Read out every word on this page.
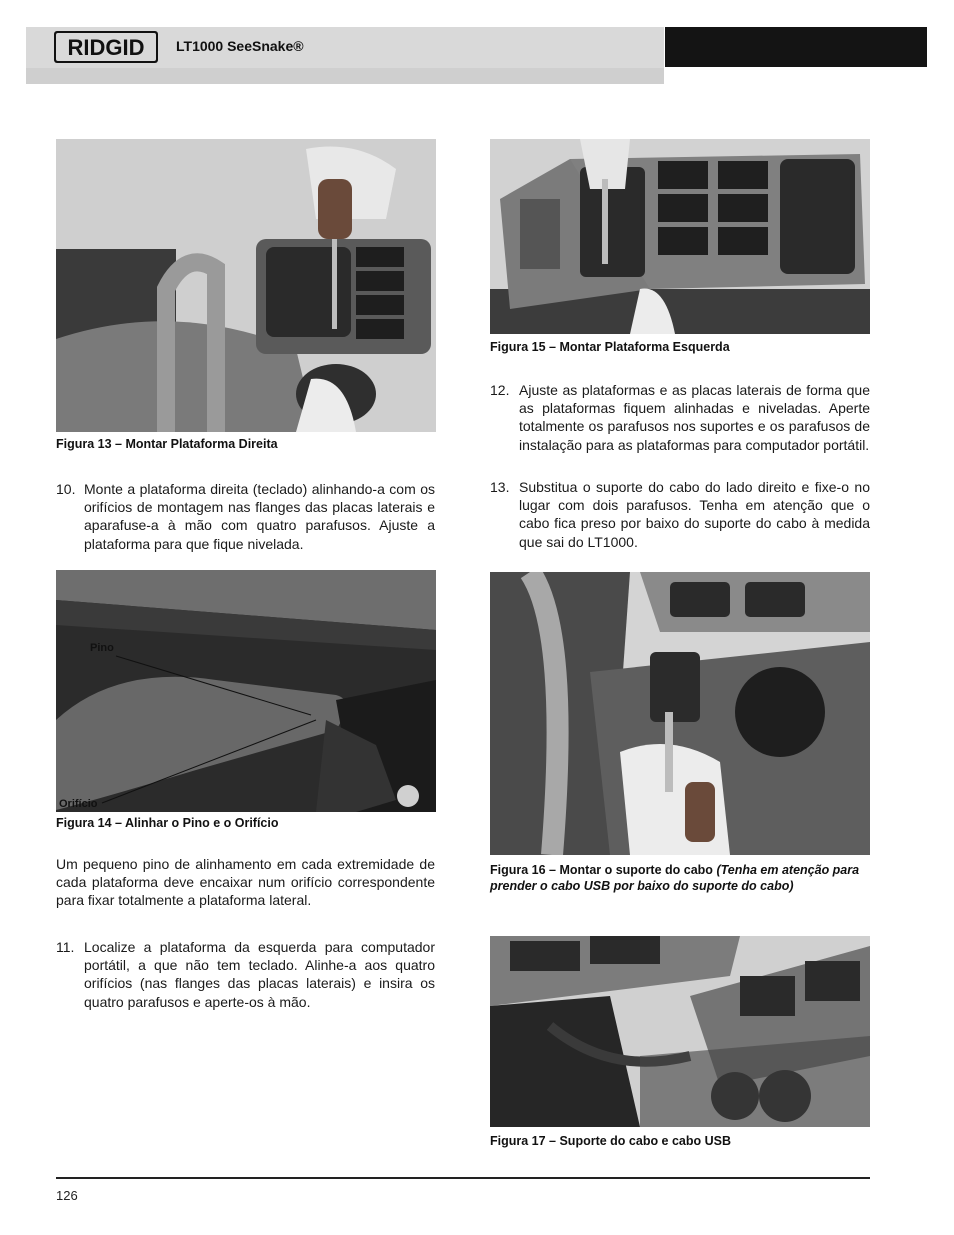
RIDGID LT1000 SeeSnake®
Figura 13 – Montar Plataforma Direita
10. Monte a plataforma direita (teclado) alinhando-a com os orifícios de montagem nas flanges das placas laterais e aparafuse-a à mão com quatro parafusos. Ajuste a plataforma para que fique nivelada.
Pino
Orifício
Figura 14 – Alinhar o Pino e o Orifício
Um pequeno pino de alinhamento em cada extremidade de cada plataforma deve encaixar num orifício correspondente para fixar totalmente a plataforma lateral.
11. Localize a plataforma da esquerda para computador portátil, a que não tem teclado. Alinhe-a aos quatro orifícios (nas flanges das placas laterais) e insira os quatro parafusos e aperte-os à mão.
Figura 15 – Montar Plataforma Esquerda
12. Ajuste as plataformas e as placas laterais de forma que as plataformas fiquem alinhadas e niveladas. Aperte totalmente os parafusos nos suportes e os parafusos de instalação para as plataformas para computador portátil.
13. Substitua o suporte do cabo do lado direito e fixe-o no lugar com dois parafusos. Tenha em atenção que o cabo fica preso por baixo do suporte do cabo à medida que sai do LT1000.
Figura 16 – Montar o suporte do cabo (Tenha em atenção para prender o cabo USB por baixo do suporte do cabo)
Figura 17 – Suporte do cabo e cabo USB
126
